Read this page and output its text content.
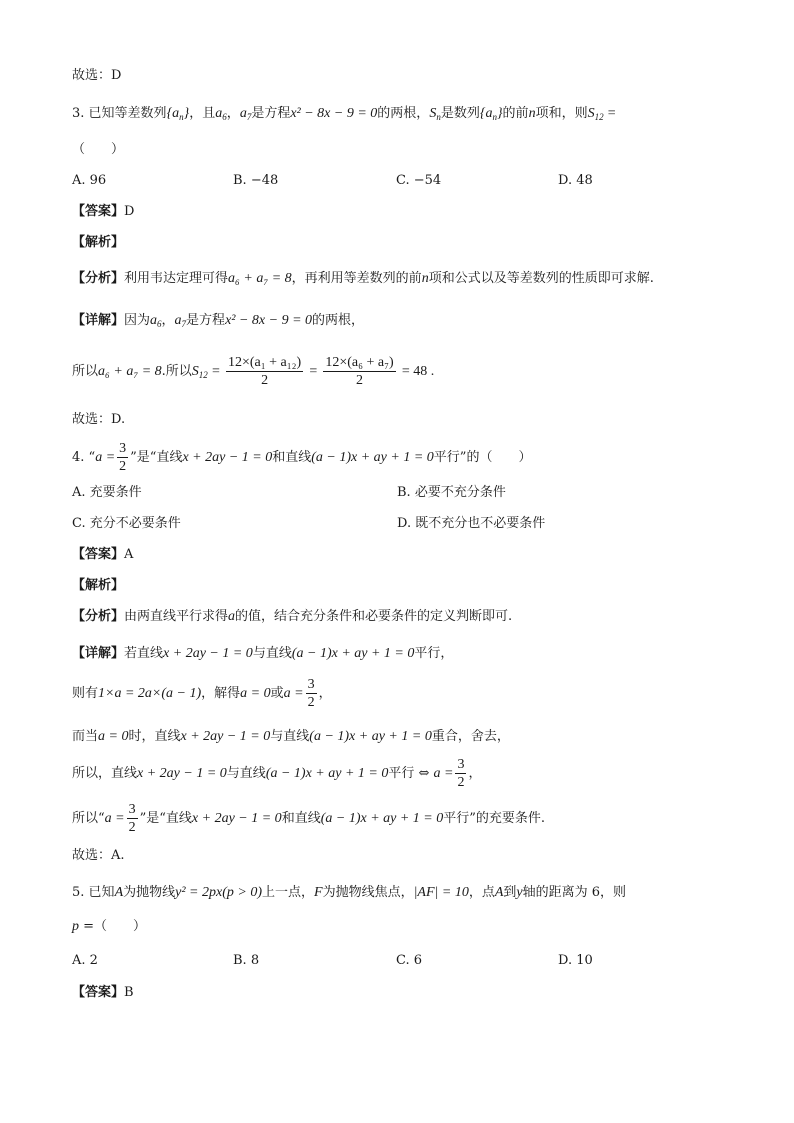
故选：D
3. 已知等差数列$\{a_n\}$，且$a_6$，$a_7$是方程x² − 8x − 9 = 0的两根，$S_n$是数列$\{a_n\}$的前n项和，则$S_{12}$ =
（　　）
A. 96	B. −48	C. −54	D. 48
【答案】D
【解析】
【分析】利用韦达定理可得a₆ + a₇ = 8，再利用等差数列的前n项和公式以及等差数列的性质即可求解.
【详解】因为$a_6$，$a_7$是方程x² − 8x − 9 = 0的两根，
所以a₆ + a₇ = 8.所以$S_{12} = \frac{\text{12×(a₁ + a₁₂)}}{2} = \frac{\text{12×(a₆ + a₇)}}{2} = 48$ .
故选：D.
4. “$a = \frac{3}{2}$ ”是“直线x + 2ay − 1 = 0和直线(a − 1)x + ay + 1 = 0平行”的（　　）
A. 充要条件	B. 必要不充分条件
C. 充分不必要条件	D. 既不充分也不必要条件
【答案】A
【解析】
【分析】由两直线平行求得a的值，结合充分条件和必要条件的定义判断即可.
【详解】若直线x + 2ay − 1 = 0与直线(a − 1)x + ay + 1 = 0平行，
则有1×a = 2a×(a − 1)，解得a = 0或$a = \frac{3}{2}$ ，
而当a = 0时，直线x + 2ay − 1 = 0与直线(a − 1)x + ay + 1 = 0重合，舍去，
所以，直线x + 2ay − 1 = 0与直线(a − 1)x + ay + 1 = 0平行 ⇔ $a = \frac{3}{2}$ ，
所以“$a = \frac{3}{2}$ ”是“直线x + 2ay − 1 = 0和直线(a − 1)x + ay + 1 = 0平行”的充要条件.
故选：A.
5. 已知A为抛物线y² = 2px(p > 0)上一点，F为抛物线焦点，|AF| = 10，点A到y轴的距离为 6，则
p =（　　）
A. 2	B. 8	C. 6	D. 10
【答案】B
